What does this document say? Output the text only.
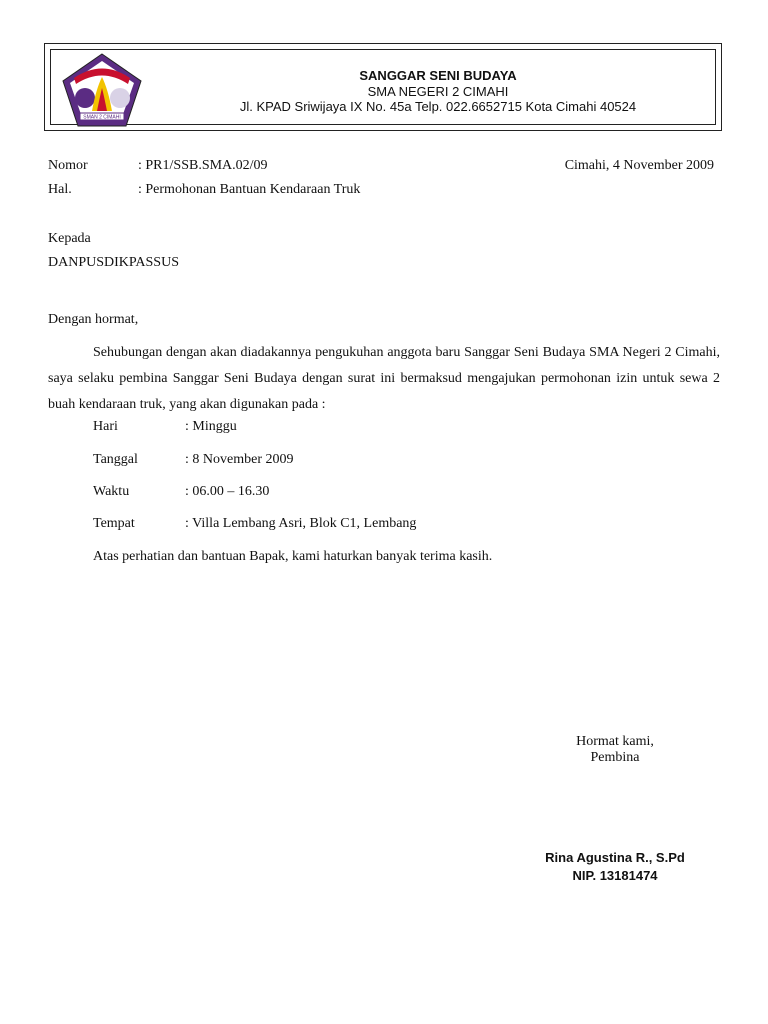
SMAN 2 CIMAHI
SANGGAR SENI BUDAYA
SMA NEGERI 2 CIMAHI
Jl. KPAD Sriwijaya IX No. 45a Telp. 022.6652715 Kota Cimahi 40524
Nomor	: PR1/SSB.SMA.02/09	Cimahi, 4 November 2009
Hal.	: Permohonan Bantuan Kendaraan Truk
Kepada
DANPUSDIKPASSUS
Dengan hormat,
Sehubungan dengan akan diadakannya pengukuhan anggota baru Sanggar Seni Budaya SMA Negeri 2 Cimahi, saya selaku pembina Sanggar Seni Budaya dengan surat ini bermaksud mengajukan permohonan izin untuk sewa 2 buah kendaraan truk, yang akan digunakan pada :
Hari	: Minggu
Tanggal	: 8 November 2009
Waktu	: 06.00 – 16.30
Tempat	: Villa Lembang Asri, Blok C1, Lembang
Atas perhatian dan bantuan Bapak, kami haturkan banyak terima kasih.
Hormat kami,
Pembina
Rina Agustina R., S.Pd
NIP. 13181474
